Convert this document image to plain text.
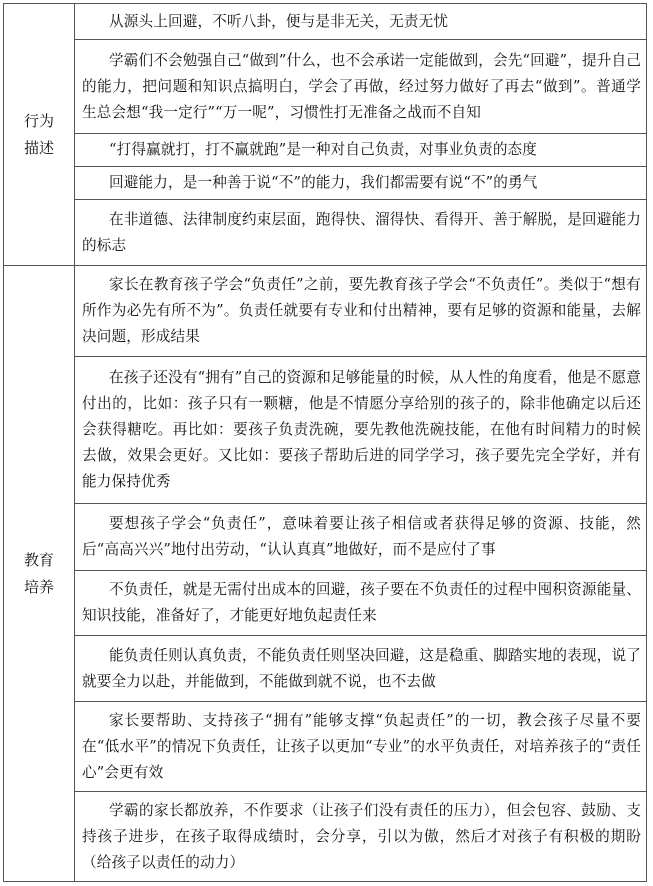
行为
描述	从源头上回避，不听八卦，便与是非无关，无责无忧

	学霸们不会勉强自己“做到”什么，也不会承诺一定能做到，会先“回避”，提升自己的能力，把问题和知识点搞明白，学会了再做，经过努力做好了再去“做到”。普通学生总会想“我一定行”“万一呢”，习惯性打无准备之战而不自知

	“打得赢就打，打不赢就跑”是一种对自己负责，对事业负责的态度

	回避能力，是一种善于说“不”的能力，我们都需要有说“不”的勇气

	在非道德、法律制度约束层面，跑得快、溜得快、看得开、善于解脱，是回避能力的标志

教育
培养	家长在教育孩子学会“负责任”之前，要先教育孩子学会“不负责任”。类似于“想有所作为必先有所不为”。负责任就要有专业和付出精神，要有足够的资源和能量，去解决问题，形成结果

	在孩子还没有“拥有”自己的资源和足够能量的时候，从人性的角度看，他是不愿意付出的，比如：孩子只有一颗糖，他是不情愿分享给别的孩子的，除非他确定以后还会获得糖吃。再比如：要孩子负责洗碗，要先教他洗碗技能，在他有时间精力的时候去做，效果会更好。又比如：要孩子帮助后进的同学学习，孩子要先完全学好，并有能力保持优秀

	要想孩子学会“负责任”，意味着要让孩子相信或者获得足够的资源、技能，然后“高高兴兴”地付出劳动，“认认真真”地做好，而不是应付了事

	不负责任，就是无需付出成本的回避，孩子要在不负责任的过程中囤积资源能量、知识技能，准备好了，才能更好地负起责任来

	能负责任则认真负责，不能负责任则坚决回避，这是稳重、脚踏实地的表现，说了就要全力以赴，并能做到，不能做到就不说，也不去做

	家长要帮助、支持孩子“拥有”能够支撑“负起责任”的一切，教会孩子尽量不要在“低水平”的情况下负责任，让孩子以更加“专业”的水平负责任，对培养孩子的“责任心”会更有效

	学霸的家长都放养，不作要求（让孩子们没有责任的压力），但会包容、鼓励、支持孩子进步，在孩子取得成绩时，会分享，引以为傲，然后才对孩子有积极的期盼（给孩子以责任的动力）
